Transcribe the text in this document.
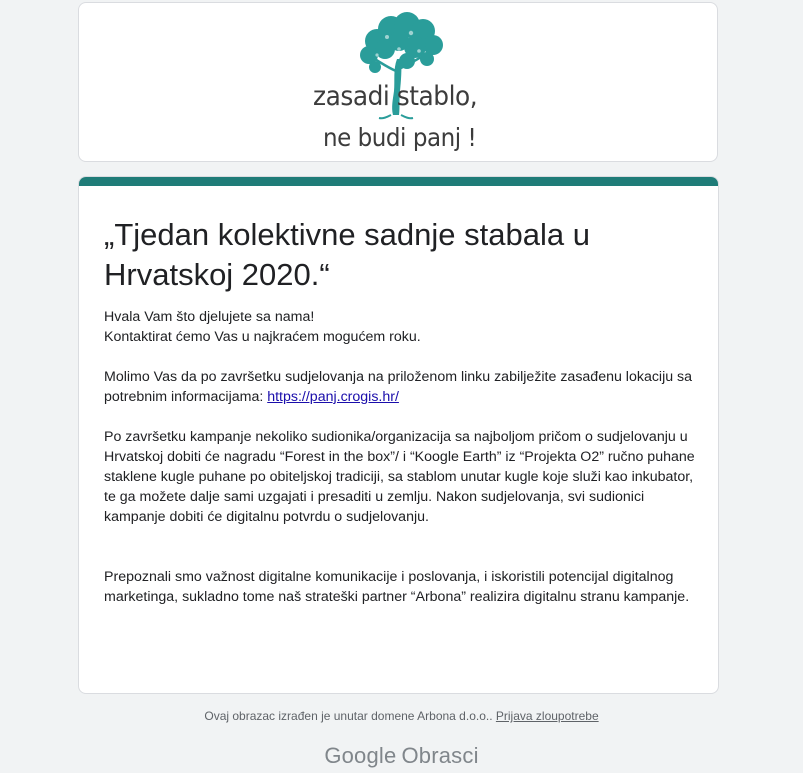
zasadi stablo,
ne budi panj !
„Tjedan kolektivne sadnje stabala u Hrvatskoj 2020.“

Hvala Vam što djelujete sa nama!

Kontaktirat ćemo Vas u najkraćem mogućem roku.

Molimo Vas da po završetku sudjelovanja na priloženom linku zabilježite zasađenu lokaciju sa potrebnim informacijama: https://panj.crogis.hr/

Po završetku kampanje nekoliko sudionika/organizacija sa najboljom pričom o sudjelovanju u Hrvatskoj dobiti će nagradu “Forest in the box”/ i “Koogle Earth” iz “Projekta O2” ručno puhane staklene kugle puhane po obiteljskoj tradiciji, sa stablom unutar kugle koje služi kao inkubator, te ga možete dalje sami uzgajati i presaditi u zemlju. Nakon sudjelovanja, svi sudionici kampanje dobiti će digitalnu potvrdu o sudjelovanju.

Prepoznali smo važnost digitalne komunikacije i poslovanja, i iskoristili potencijal digitalnog marketinga, sukladno tome naš strateški partner “Arbona” realizira digitalnu stranu kampanje.

Ovaj obrazac izrađen je unutar domene Arbona d.o.o.. Prijava zloupotrebe
Google Obrasci
